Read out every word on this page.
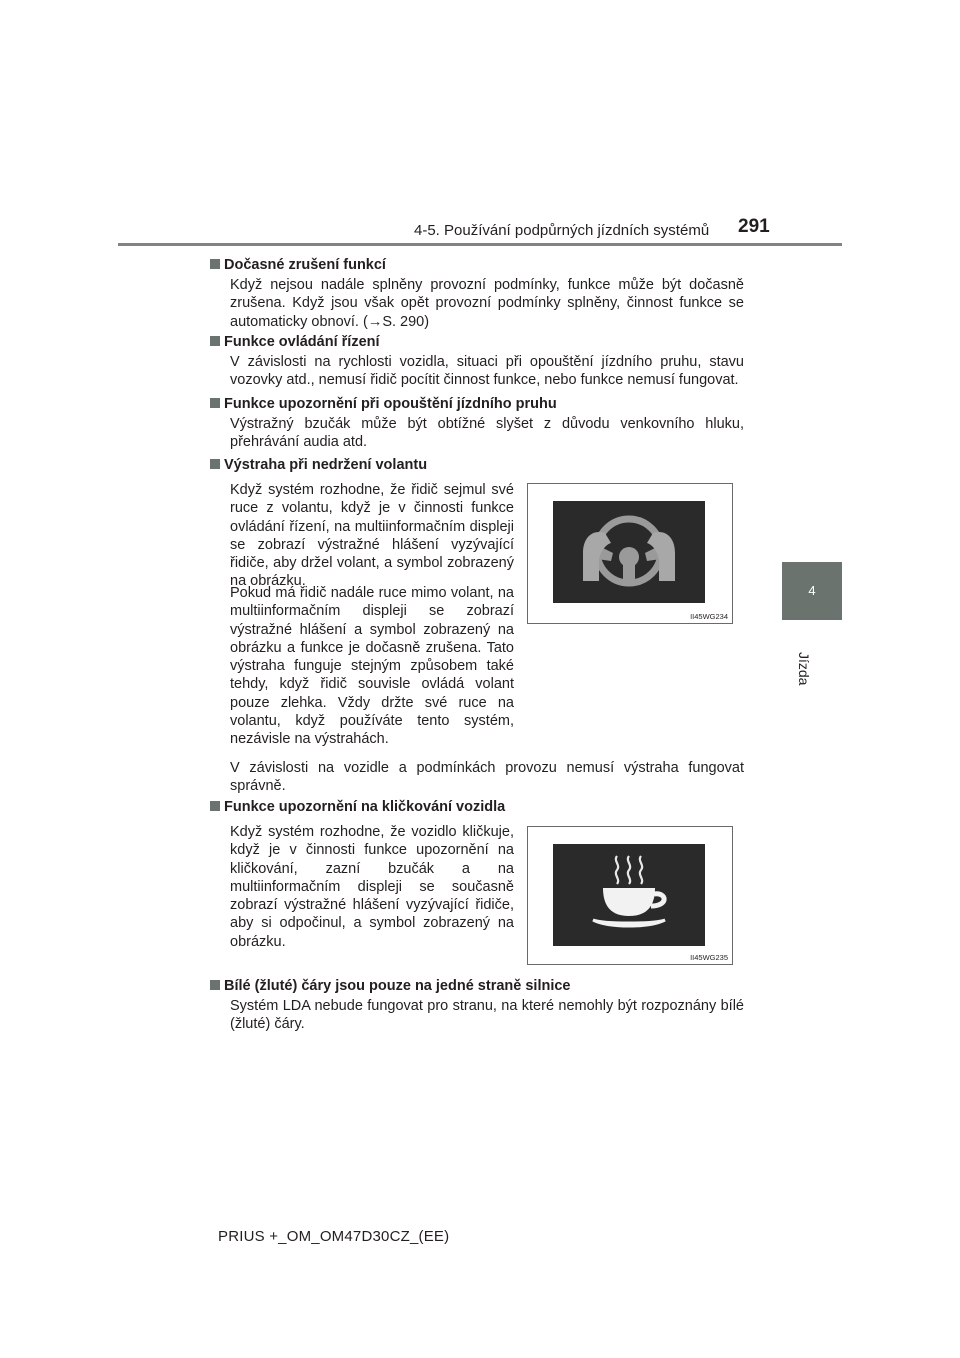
4-5. Používání podpůrných jízdních systémů 291
4
Jízda
Dočasné zrušení funkcí
Když nejsou nadále splněny provozní podmínky, funkce může být dočasně zrušena. Když jsou však opět provozní podmínky splněny, činnost funkce se automaticky obnoví. (→S. 290)
Funkce ovládání řízení
V závislosti na rychlosti vozidla, situaci při opouštění jízdního pruhu, stavu vozovky atd., nemusí řidič pocítit činnost funkce, nebo funkce nemusí fungovat.
Funkce upozornění při opouštění jízdního pruhu
Výstražný bzučák může být obtížné slyšet z důvodu venkovního hluku, přehrávání audia atd.
Výstraha při nedržení volantu
Když systém rozhodne, že řidič sejmul své ruce z volantu, když je v činnosti funkce ovládání řízení, na multiinformačním displeji se zobrazí výstražné hlášení vyzývající řidiče, aby držel volant, a symbol zobrazený na obrázku.
Pokud má řidič nadále ruce mimo volant, na multiinformačním displeji se zobrazí výstražné hlášení a symbol zobrazený na obrázku a funkce je dočasně zrušena. Tato výstraha funguje stejným způsobem také tehdy, když řidič souvisle ovládá volant pouze zlehka. Vždy držte své ruce na volantu, když používáte tento systém, nezávisle na výstrahách.
V závislosti na vozidle a podmínkách provozu nemusí výstraha fungovat správně.
II45WG234
Funkce upozornění na kličkování vozidla
Když systém rozhodne, že vozidlo kličkuje, když je v činnosti funkce upozornění na kličkování, zazní bzučák a na multiinformačním displeji se současně zobrazí výstražné hlášení vyzývající řidiče, aby si odpočinul, a symbol zobrazený na obrázku.
II45WG235
Bílé (žluté) čáry jsou pouze na jedné straně silnice
Systém LDA nebude fungovat pro stranu, na které nemohly být rozpoznány bílé (žluté) čáry.
PRIUS +_OM_OM47D30CZ_(EE)
